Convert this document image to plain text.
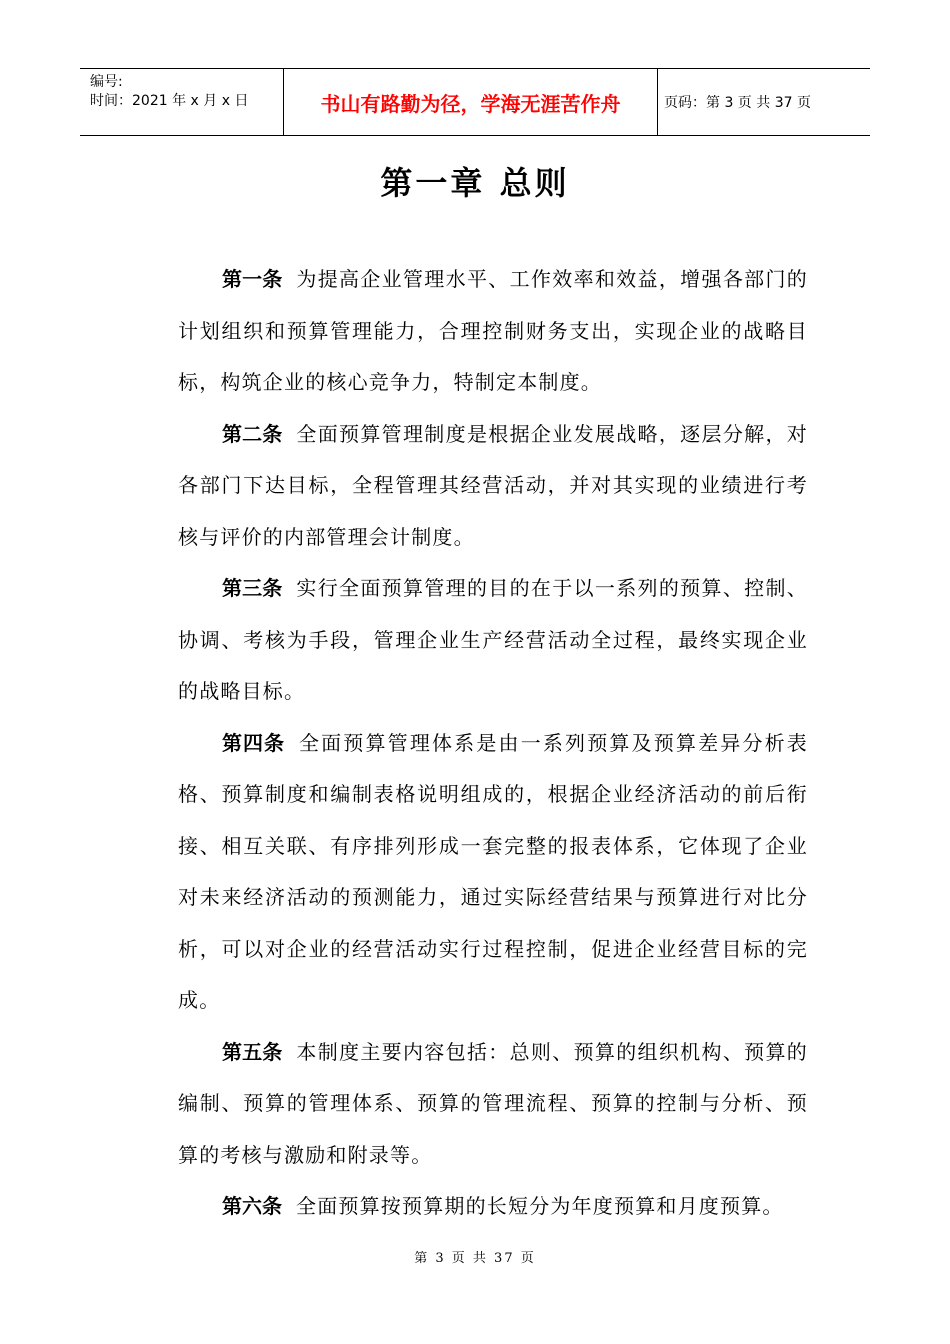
编号:
时间：2021 年 x 月 x 日	书山有路勤为径，学海无涯苦作舟	页码：第 3 页 共 37 页
第一章 总则

第一条 为提高企业管理水平、工作效率和效益，增强各部门的计划组织和预算管理能力，合理控制财务支出，实现企业的战略目标，构筑企业的核心竞争力，特制定本制度。

第二条 全面预算管理制度是根据企业发展战略，逐层分解，对各部门下达目标，全程管理其经营活动，并对其实现的业绩进行考核与评价的内部管理会计制度。

第三条 实行全面预算管理的目的在于以一系列的预算、控制、协调、考核为手段，管理企业生产经营活动全过程，最终实现企业的战略目标。

第四条 全面预算管理体系是由一系列预算及预算差异分析表格、预算制度和编制表格说明组成的，根据企业经济活动的前后衔接、相互关联、有序排列形成一套完整的报表体系，它体现了企业对未来经济活动的预测能力，通过实际经营结果与预算进行对比分析，可以对企业的经营活动实行过程控制，促进企业经营目标的完成。

第五条 本制度主要内容包括：总则、预算的组织机构、预算的编制、预算的管理体系、预算的管理流程、预算的控制与分析、预算的考核与激励和附录等。

第六条 全面预算按预算期的长短分为年度预算和月度预算。

第 3 页 共 37 页
